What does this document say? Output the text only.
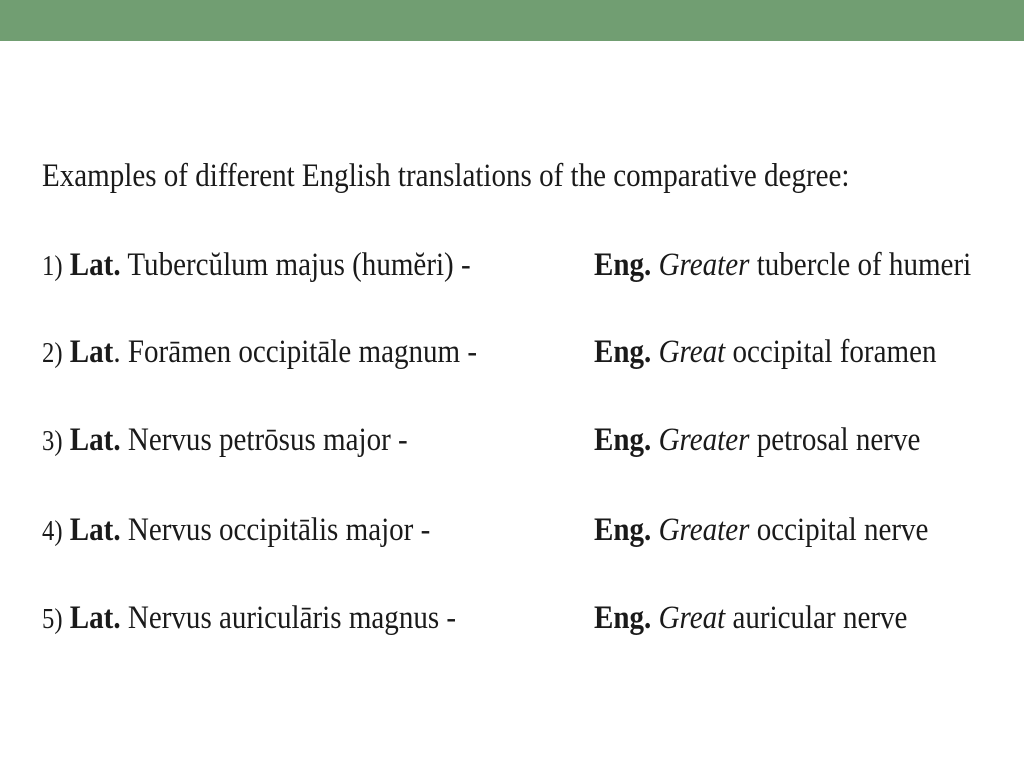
Examples of different English translations of the comparative degree:
1) Lat. Tubercŭlum majus (humĕri) -	Eng. Greater tubercle of humeri
2) Lat. Forāmen occipitāle magnum -	Eng. Great occipital foramen
3) Lat. Nervus petrōsus major -	Eng. Greater petrosal nerve
4) Lat. Nervus occipitālis major -	Eng. Greater occipital nerve
5) Lat. Nervus auriculāris magnus -	Eng. Great auricular nerve
